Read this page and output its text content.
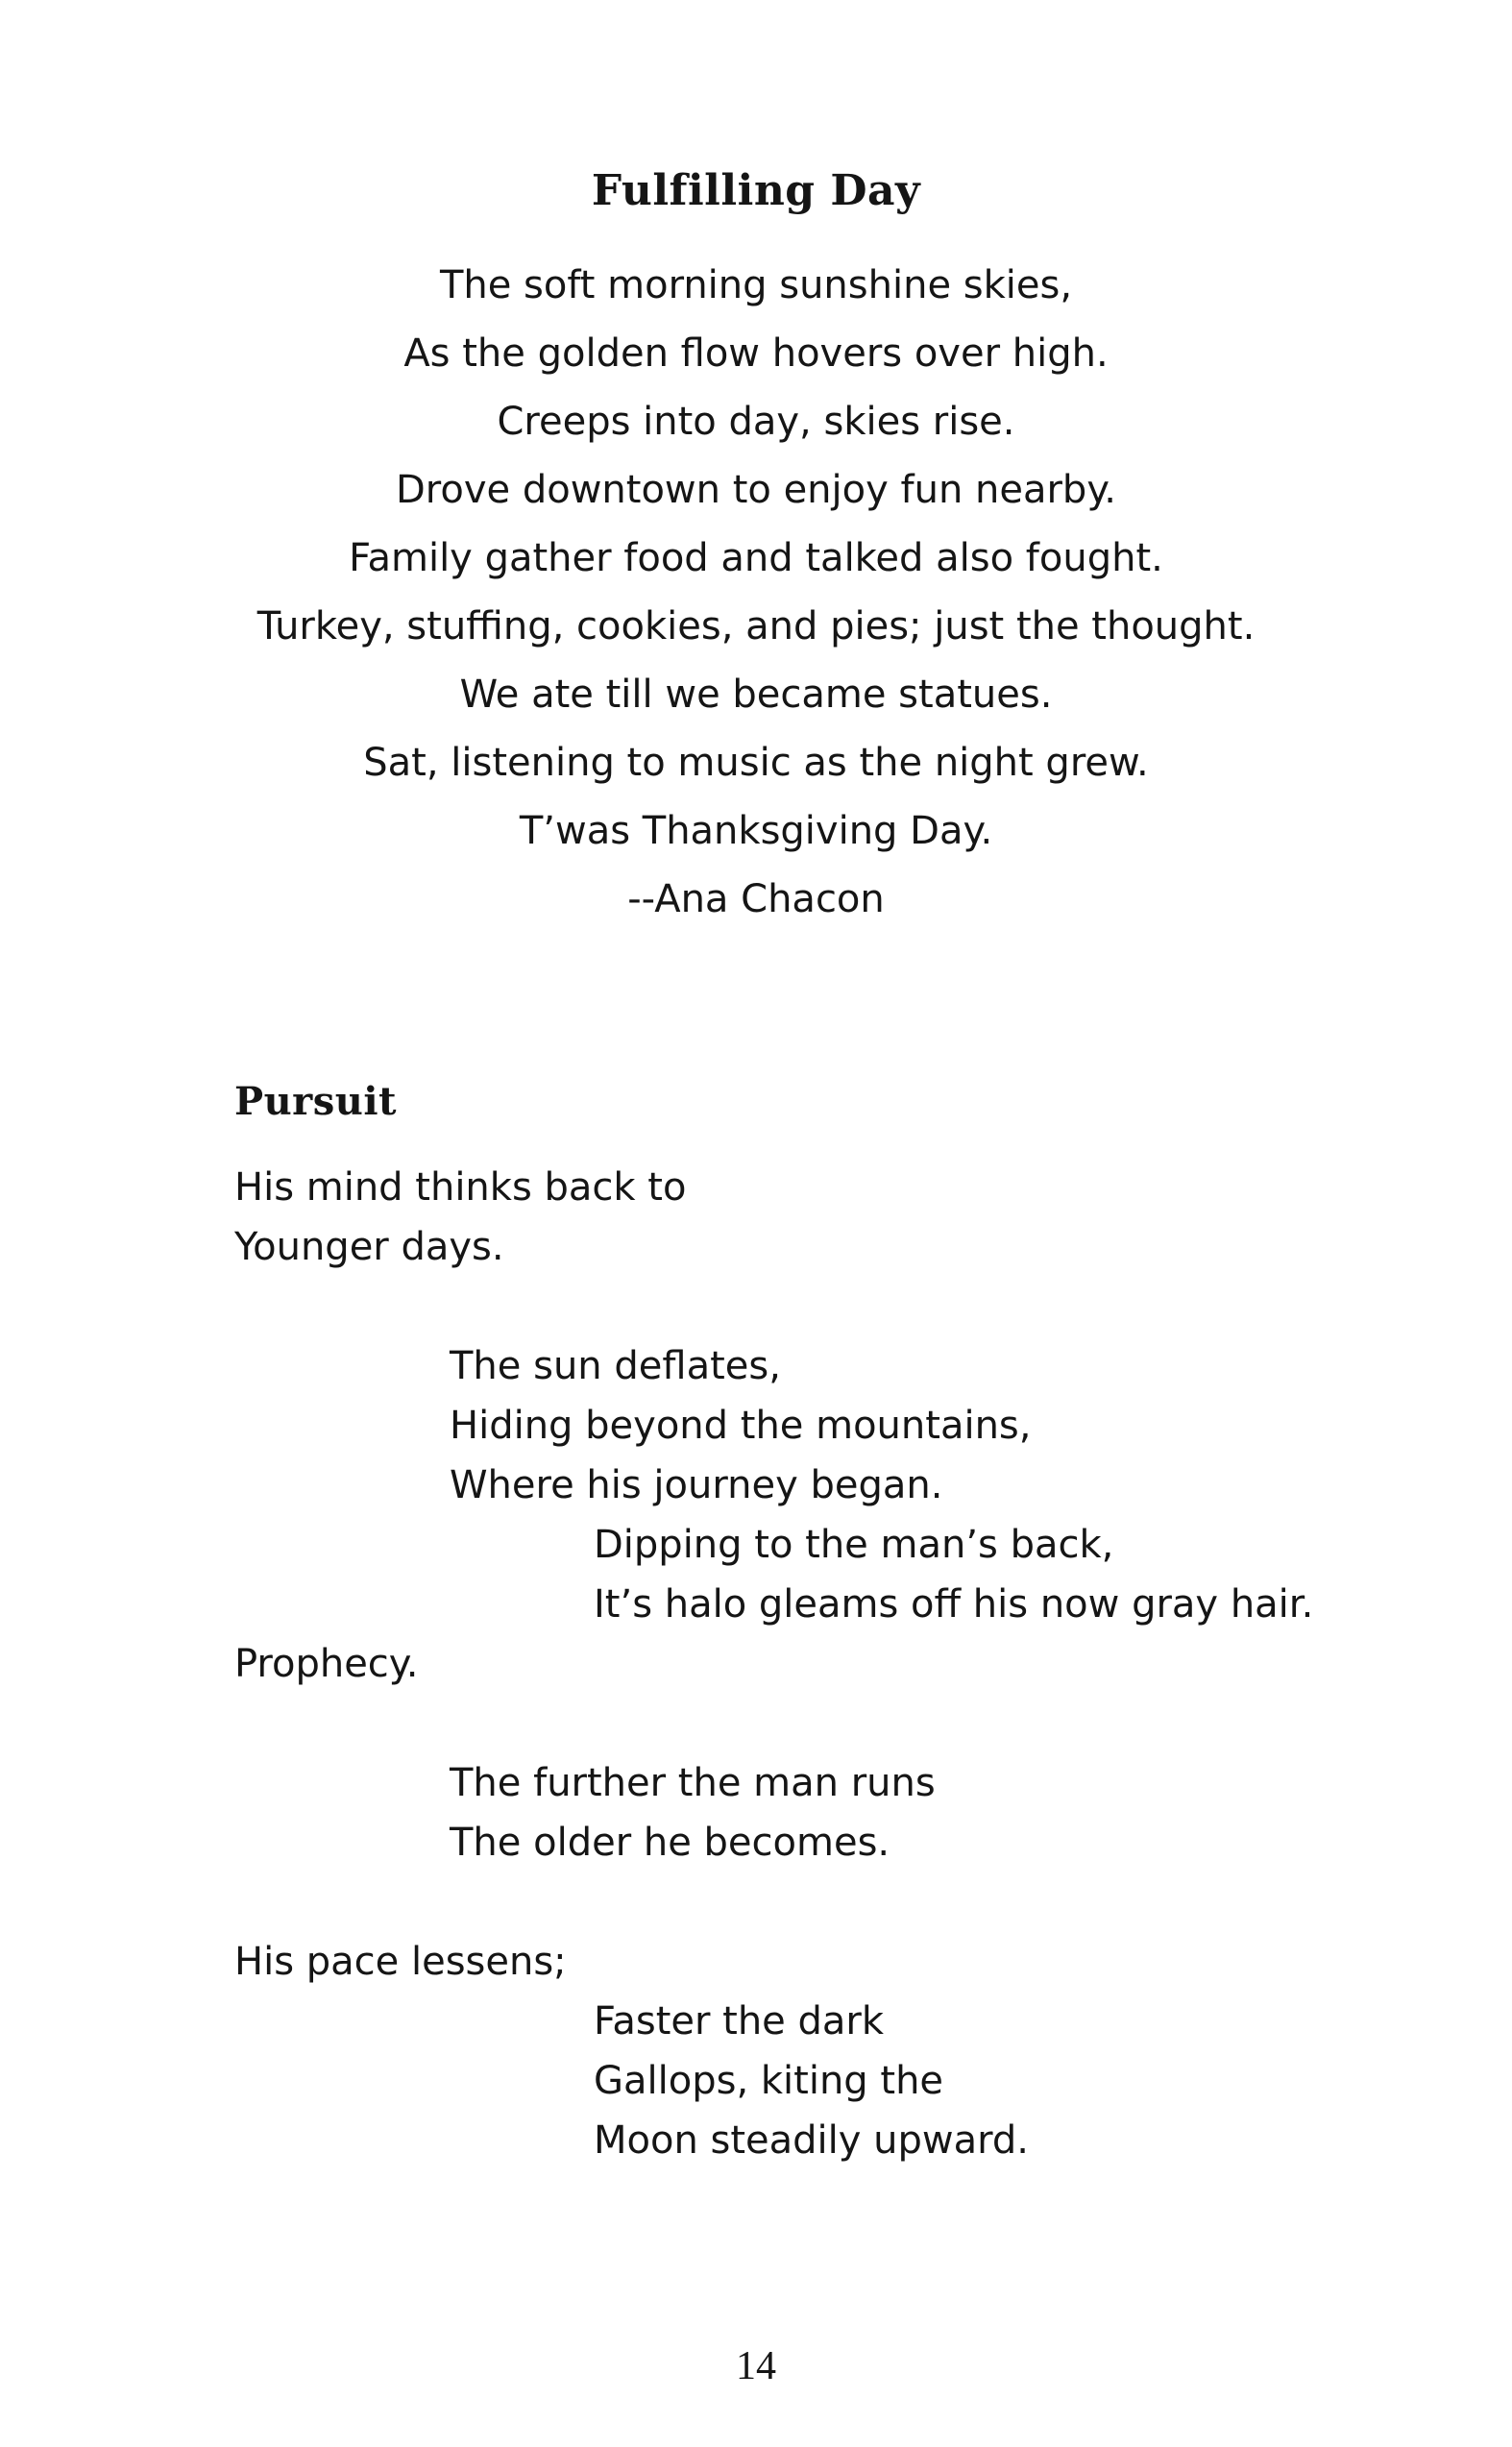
Fulfilling Day
The soft morning sunshine skies,
As the golden flow hovers over high.
Creeps into day, skies rise.
Drove downtown to enjoy fun nearby.
Family gather food and talked also fought.
Turkey, stuffing, cookies, and pies; just the thought.
We ate till we became statues.
Sat, listening to music as the night grew.
T’was Thanksgiving Day.
--Ana Chacon
Pursuit
His mind thinks back to
Younger days.
The sun deflates,
Hiding beyond the mountains,
Where his journey began.
Dipping to the man’s back,
It’s halo gleams off his now gray hair.
Prophecy.
The further the man runs
The older he becomes.
His pace lessens;
Faster the dark
Gallops, kiting the
Moon steadily upward.
14
